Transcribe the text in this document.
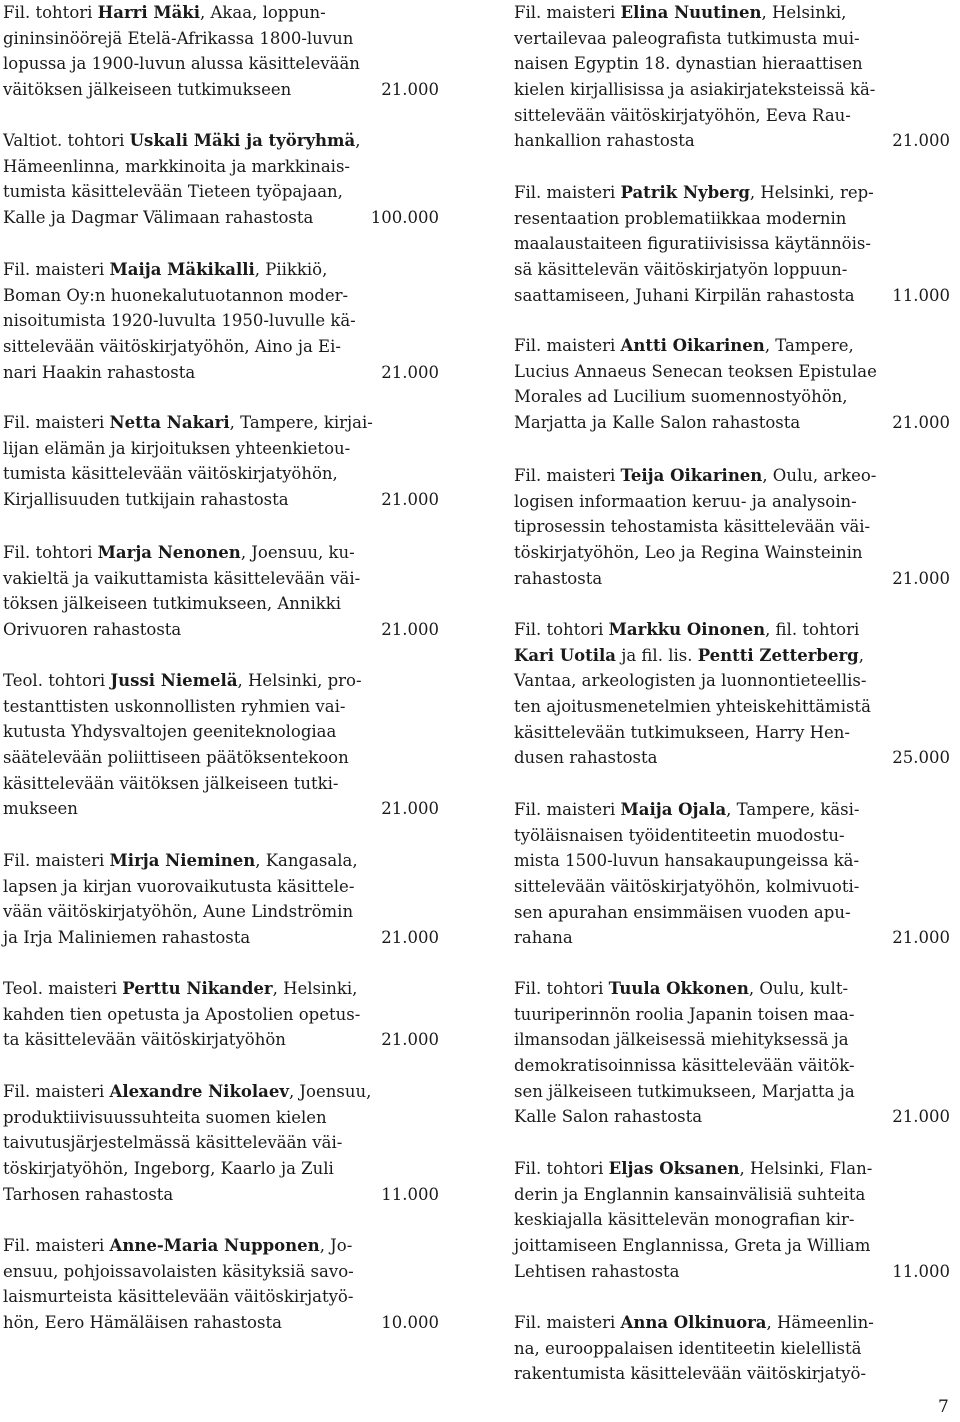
Fil. tohtori Harri Mäki, Akaa, loppun-
gininsinöörejä Etelä-Afrikassa 1800-luvun
lopussa ja 1900-luvun alussa käsittelevään
väitöksen jälkeiseen tutkimukseen	21.000
Valtiot. tohtori Uskali Mäki ja työryhmä,
Hämeenlinna, markkinoita ja markkinais-
tumista käsittelevään Tieteen työpajaan,
Kalle ja Dagmar Välimaan rahastosta	100.000
Fil. maisteri Maija Mäkikalli, Piikkiö,
Boman Oy:n huonekalutuotannon moder-
nisoitumista 1920-luvulta 1950-luvulle kä-
sittelevään väitöskirjatyöhön, Aino ja Ei-
nari Haakin rahastosta	21.000
Fil. maisteri Netta Nakari, Tampere, kirjai-
lijan elämän ja kirjoituksen yhteenkietou-
tumista käsittelevään väitöskirjatyöhön,
Kirjallisuuden tutkijain rahastosta	21.000
Fil. tohtori Marja Nenonen, Joensuu, ku-
vakieltä ja vaikuttamista käsittelevään väi-
töksen jälkeiseen tutkimukseen, Annikki
Orivuoren rahastosta	21.000
Teol. tohtori Jussi Niemelä, Helsinki, pro-
testanttisten uskonnollisten ryhmien vai-
kutusta Yhdysvaltojen geeniteknologiaa
säätelevään poliittiseen päätöksentekoon
käsittelevään väitöksen jälkeiseen tutki-
mukseen	21.000
Fil. maisteri Mirja Nieminen, Kangasala,
lapsen ja kirjan vuorovaikutusta käsittele-
vään väitöskirjatyöhön, Aune Lindströmin
ja Irja Maliniemen rahastosta	21.000
Teol. maisteri Perttu Nikander, Helsinki,
kahden tien opetusta ja Apostolien opetus-
ta käsittelevään väitöskirjatyöhön	21.000
Fil. maisteri Alexandre Nikolaev, Joensuu,
produktiivisuussuhteita suomen kielen
taivutusjärjestelmässä käsittelevään väi-
töskirjatyöhön, Ingeborg, Kaarlo ja Zuli
Tarhosen rahastosta	11.000
Fil. maisteri Anne-Maria Nupponen, Jo-
ensuu, pohjoissavolaisten käsityksiä savo-
laismurteista käsittelevään väitöskirjatyö-
hön, Eero Hämäläisen rahastosta	10.000
Fil. maisteri Elina Nuutinen, Helsinki,
vertailevaa paleografista tutkimusta mui-
naisen Egyptin 18. dynastian hieraattisen
kielen kirjallisissa ja asiakirjateksteissä kä-
sittelevään väitöskirjatyöhön, Eeva Rau-
hankallion rahastosta	21.000
Fil. maisteri Patrik Nyberg, Helsinki, rep-
resentaation problematiikkaa modernin
maalaustaiteen figuratiivisissa käytännöis-
sä käsittelevän väitöskirjatyön loppuun-
saattamiseen, Juhani Kirpilän rahastosta	11.000
Fil. maisteri Antti Oikarinen, Tampere,
Lucius Annaeus Senecan teoksen Epistulae
Morales ad Lucilium suomennostyöhön,
Marjatta ja Kalle Salon rahastosta	21.000
Fil. maisteri Teija Oikarinen, Oulu, arkeo-
logisen informaation keruu- ja analysoin-
tiprosessin tehostamista käsittelevään väi-
töskirjatyöhön, Leo ja Regina Wainsteinin
rahastosta	21.000
Fil. tohtori Markku Oinonen, fil. tohtori
Kari Uotila ja fil. lis. Pentti Zetterberg,
Vantaa, arkeologisten ja luonnontieteellis-
ten ajoitusmenetelmien yhteiskehittämistä
käsittelevään tutkimukseen, Harry Hen-
dusen rahastosta	25.000
Fil. maisteri Maija Ojala, Tampere, käsi-
työläisnaisen työidentiteetin muodostu-
mista 1500-luvun hansakaupungeissa kä-
sittelevään väitöskirjatyöhön, kolmivuoti-
sen apurahan ensimmäisen vuoden apu-
rahana	21.000
Fil. tohtori Tuula Okkonen, Oulu, kult-
tuuriperinnön roolia Japanin toisen maa-
ilmansodan jälkeisessä miehityksessä ja
demokratisoinnissa käsittelevään väitök-
sen jälkeiseen tutkimukseen, Marjatta ja
Kalle Salon rahastosta	21.000
Fil. tohtori Eljas Oksanen, Helsinki, Flan-
derin ja Englannin kansainvälisiä suhteita
keskiajalla käsittelevän monografian kir-
joittamiseen Englannissa, Greta ja William
Lehtisen rahastosta	11.000
Fil. maisteri Anna Olkinuora, Hämeenlin-
na, eurooppalaisen identiteetin kielellistä
rakentumista käsittelevään väitöskirjatyö-
7
